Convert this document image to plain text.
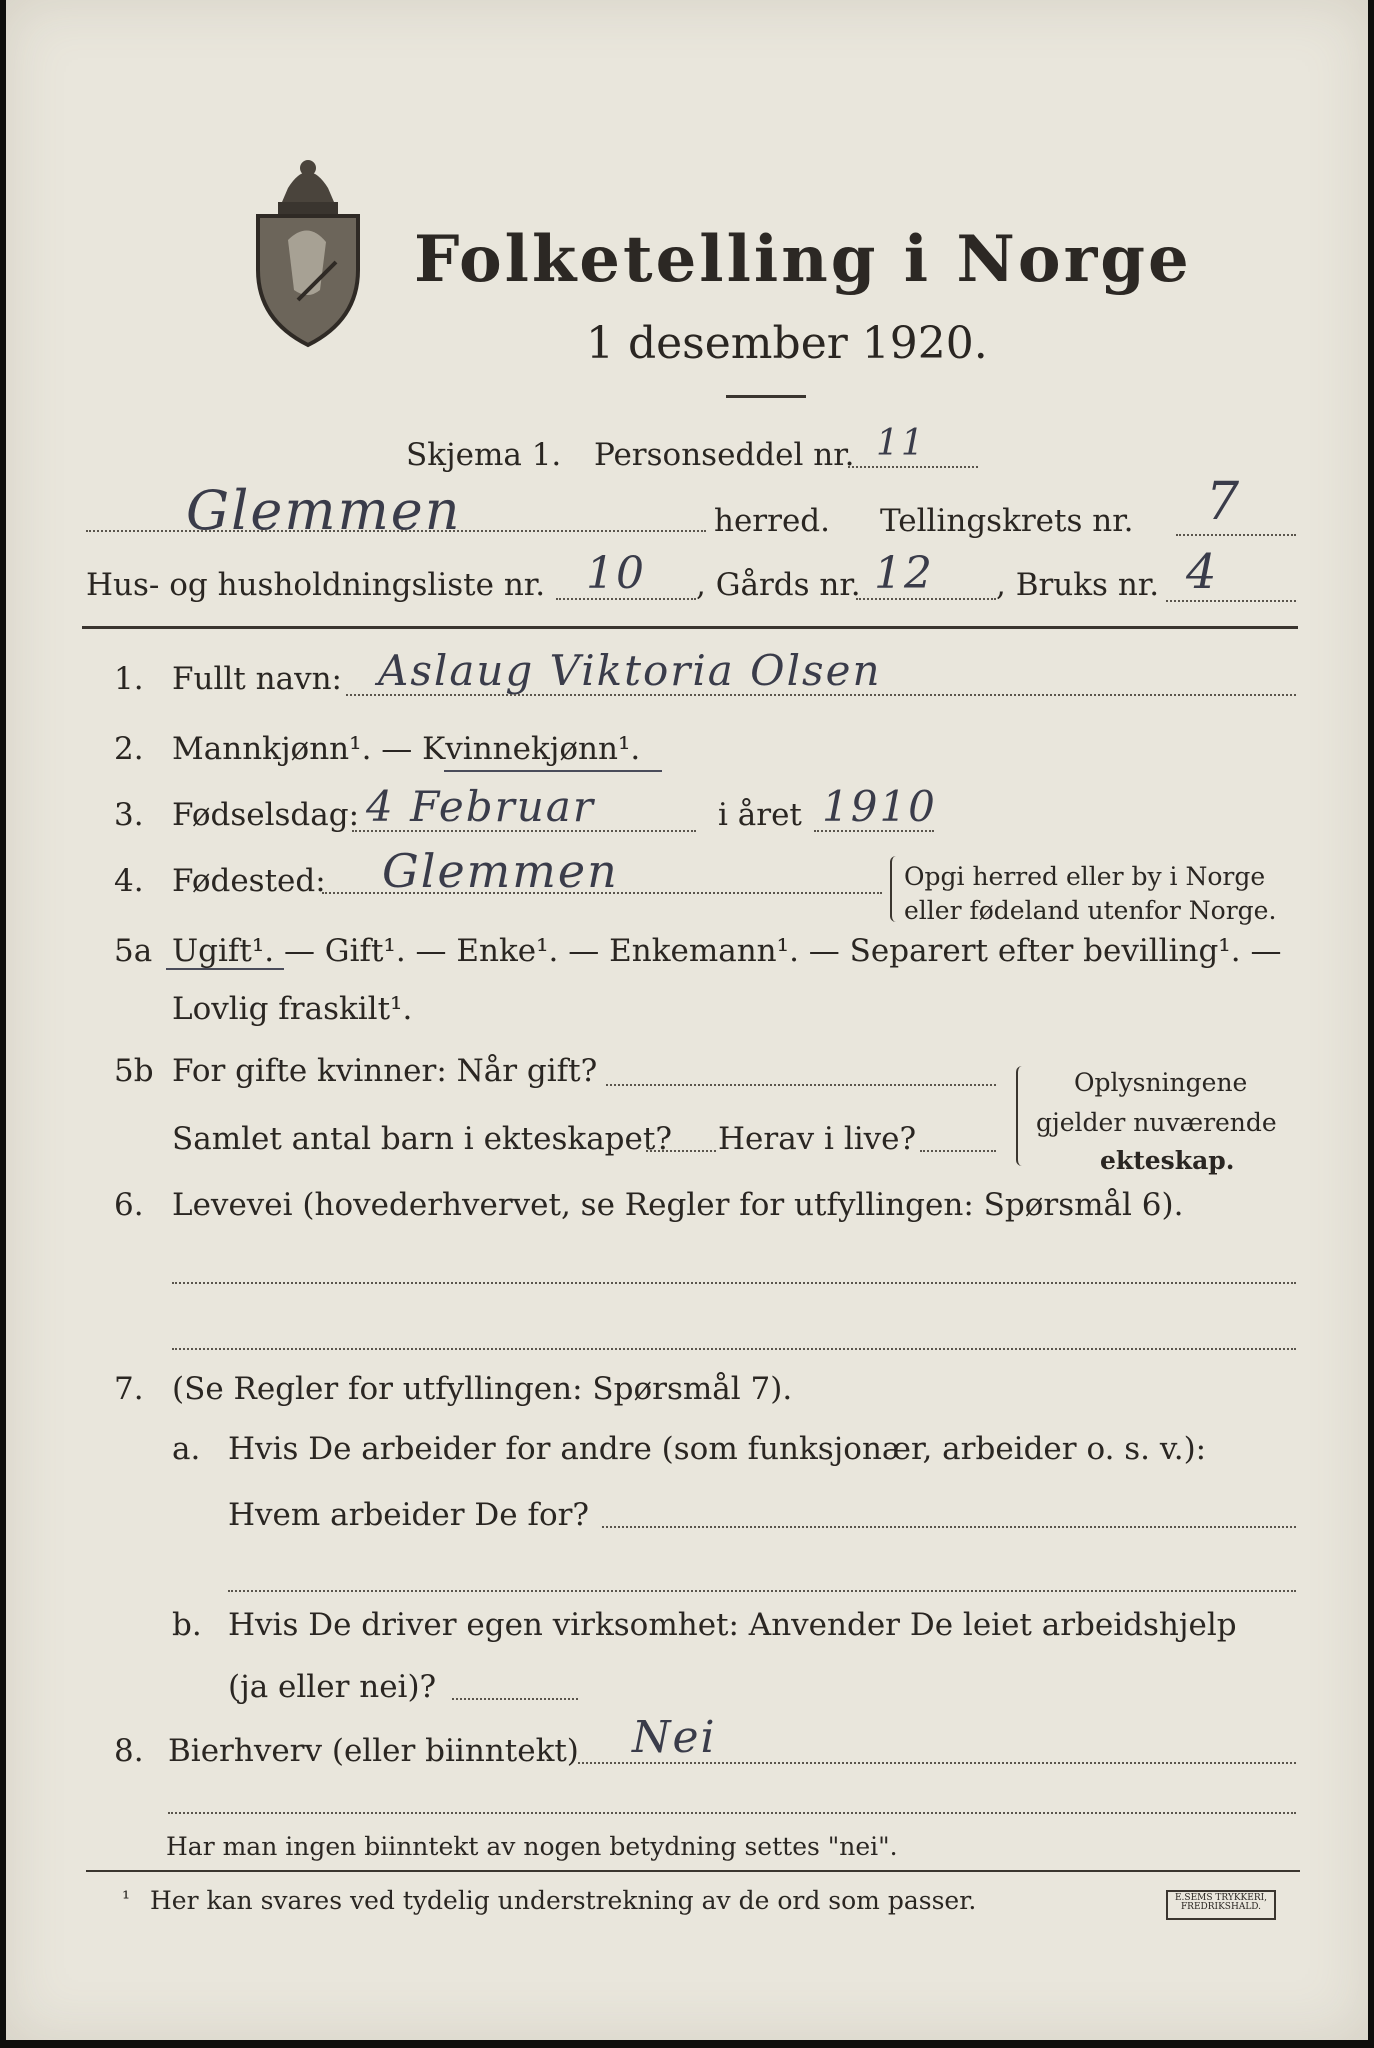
Folketelling i Norge
1 desember 1920.
Skjema 1. Personseddel nr. 11
Glemmen	herred. Tellingskrets nr. 7
Hus- og husholdningsliste nr. 10 , Gårds nr. 12 , Bruks nr. 4
1. Fullt navn: Aslaug Viktoria Olsen
2. Mannkjønn¹. — Kvinnekjønn¹.
3. Fødselsdag: 4 Februar	i året 1910
4. Fødested: Glemmen	Opgi herred eller by i Norge
eller fødeland utenfor Norge.
5a Ugift¹. — Gift¹. — Enke¹. — Enkemann¹. — Separert efter bevilling¹. —
Lovlig fraskilt¹.
5b For gifte kvinner: Når gift?
Samlet antal barn i ekteskapet? Herav i live?
Oplysningene
gjelder nuværende
ekteskap.
6. Levevei (hovederhvervet, se Regler for utfyllingen: Spørsmål 6).
7. (Se Regler for utfyllingen: Spørsmål 7).
a. Hvis De arbeider for andre (som funksjonær, arbeider o. s. v.):
Hvem arbeider De for?
b. Hvis De driver egen virksomhet: Anvender De leiet arbeidshjelp
(ja eller nei)?
8. Bierhverv (eller biinntekt) Nei
Har man ingen biinntekt av nogen betydning settes "nei".
¹ Her kan svares ved tydelig understrekning av de ord som passer.	E.SEMS TRYKKERI,
FREDRIKSHALD.
